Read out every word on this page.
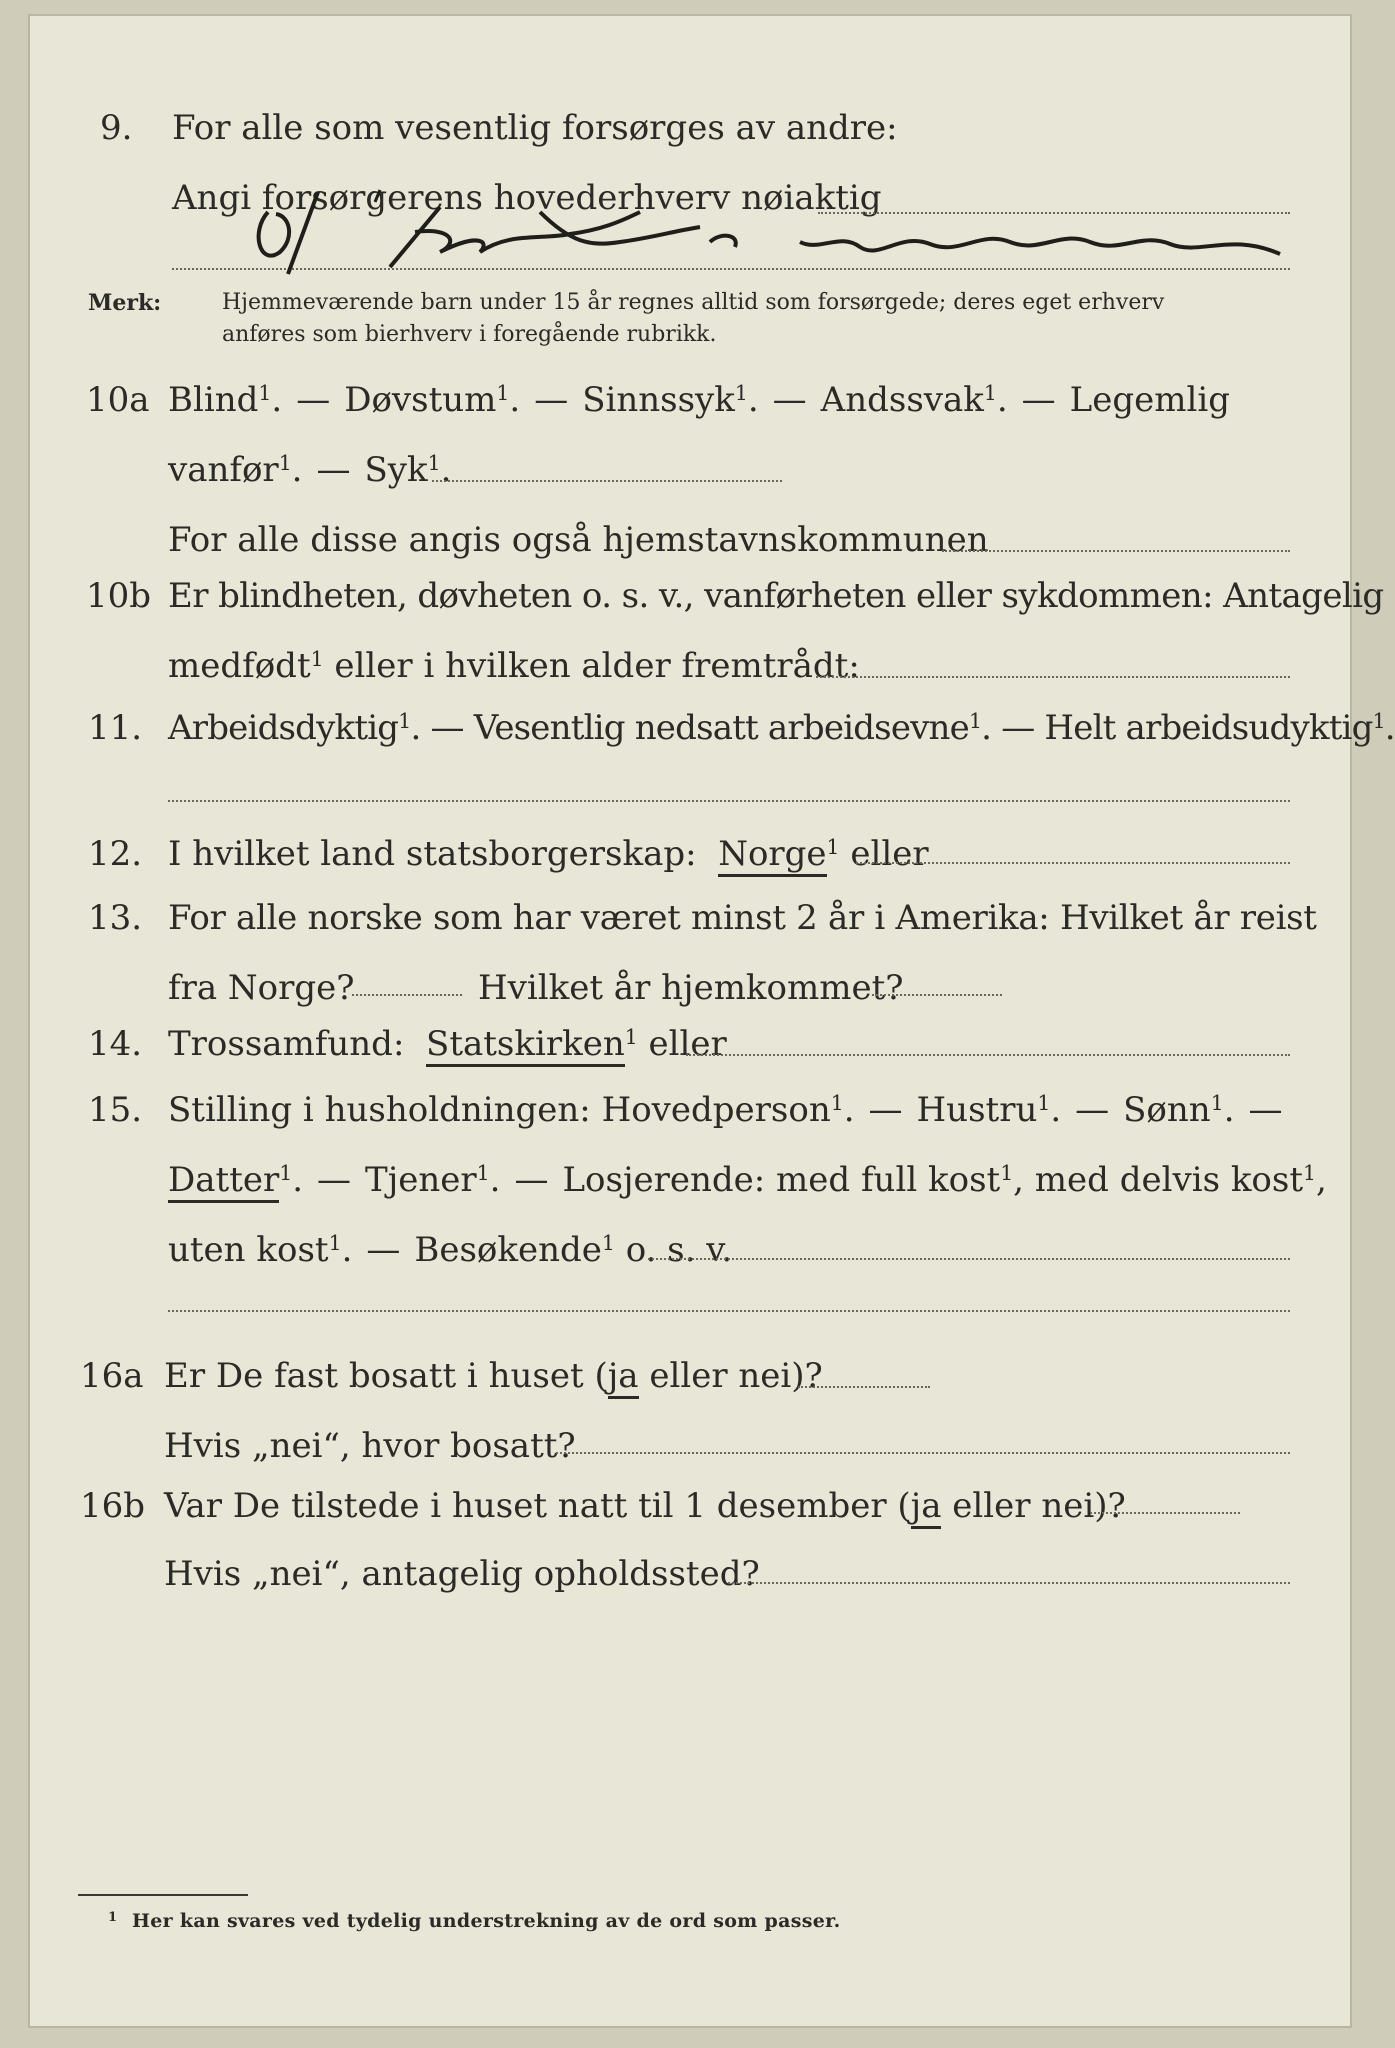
9. For alle som vesentlig forsørges av andre:
Angi forsørgerens hovederhverv nøiaktig
Merk:	Hjemmeværende barn under 15 år regnes alltid som forsørgede; deres eget erhverv
anføres som bierhverv i foregående rubrikk.
10a Blind$^1$. — Døvstum$^1$. — Sinnssyk$^1$. — Andssvak$^1$. — Legemlig
vanfør$^1$. — Syk$^1$.
For alle disse angis også hjemstavnskommunen
10b Er blindheten, døvheten o. s. v., vanførheten eller sykdommen: Antagelig
medfødt$^1$ eller i hvilken alder fremtrådt:
11. Arbeidsdyktig$^1$. — Vesentlig nedsatt arbeidsevne$^1$. — Helt arbeidsudyktig$^1$.
12. I hvilket land statsborgerskap: Norge$^1$ eller
13. For alle norske som har været minst 2 år i Amerika: Hvilket år reist
fra Norge?	Hvilket år hjemkommet?
14. Trossamfund: Statskirken$^1$ eller
15. Stilling i husholdningen: Hovedperson$^1$. — Hustru$^1$. — Sønn$^1$. —
Datter$^1$. — Tjener$^1$. — Losjerende: med full kost$^1$, med delvis kost$^1$,
uten kost$^1$. — Besøkende$^1$ o. s. v.
16a Er De fast bosatt i huset (ja eller nei)?
Hvis „nei“, hvor bosatt?
16b Var De tilstede i huset natt til 1 desember (ja eller nei)?
Hvis „nei“, antagelig opholdssted?
1 Her kan svares ved tydelig understrekning av de ord som passer.
